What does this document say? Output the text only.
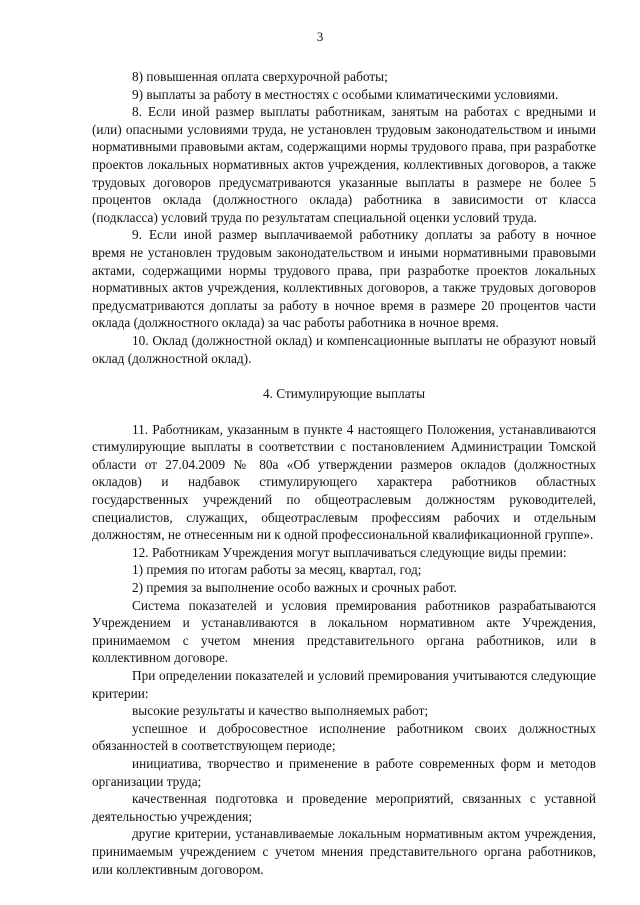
3

8) повышенная оплата сверхурочной работы;

9) выплаты за работу в местностях с особыми климатическими условиями.

8. Если иной размер выплаты работникам, занятым на работах с вредными и (или) опасными условиями труда, не установлен трудовым законодательством и иными нормативными правовыми актам, содержащими нормы трудового права, при разработке проектов локальных нормативных актов учреждения, коллективных договоров, а также трудовых договоров предусматриваются указанные выплаты в размере не более 5 процентов оклада (должностного оклада) работника в зависимости от класса (подкласса) условий труда по результатам специальной оценки условий труда.

9. Если иной размер выплачиваемой работнику доплаты за работу в ночное время не установлен трудовым законодательством и иными нормативными правовыми актами, содержащими нормы трудового права, при разработке проектов локальных нормативных актов учреждения, коллективных договоров, а также трудовых договоров предусматриваются доплаты за работу в ночное время в размере 20 процентов части оклада (должностного оклада) за час работы работника в ночное время.

10. Оклад (должностной оклад) и компенсационные выплаты не образуют новый оклад (должностной оклад).

4. Стимулирующие выплаты

11. Работникам, указанным в пункте 4 настоящего Положения, устанавливаются стимулирующие выплаты в соответствии с постановлением Администрации Томской области от 27.04.2009 № 80а «Об утверждении размеров окладов (должностных окладов) и надбавок стимулирующего характера работников областных государственных учреждений по общеотраслевым должностям руководителей, специалистов, служащих, общеотраслевым профессиям рабочих и отдельным должностям, не отнесенным ни к одной профессиональной квалификационной группе».

12. Работникам Учреждения могут выплачиваться следующие виды премии:

1) премия по итогам работы за месяц, квартал, год;

2) премия за выполнение особо важных и срочных работ.

Система показателей и условия премирования работников разрабатываются Учреждением и устанавливаются в локальном нормативном акте Учреждения, принимаемом с учетом мнения представительного органа работников, или в коллективном договоре.

При определении показателей и условий премирования учитываются следующие критерии:

высокие результаты и качество выполняемых работ;

успешное и добросовестное исполнение работником своих должностных обязанностей в соответствующем периоде;

инициатива, творчество и применение в работе современных форм и методов организации труда;

качественная подготовка и проведение мероприятий, связанных с уставной деятельностью учреждения;

другие критерии, устанавливаемые локальным нормативным актом учреждения, принимаемым учреждением с учетом мнения представительного органа работников, или коллективным договором.
